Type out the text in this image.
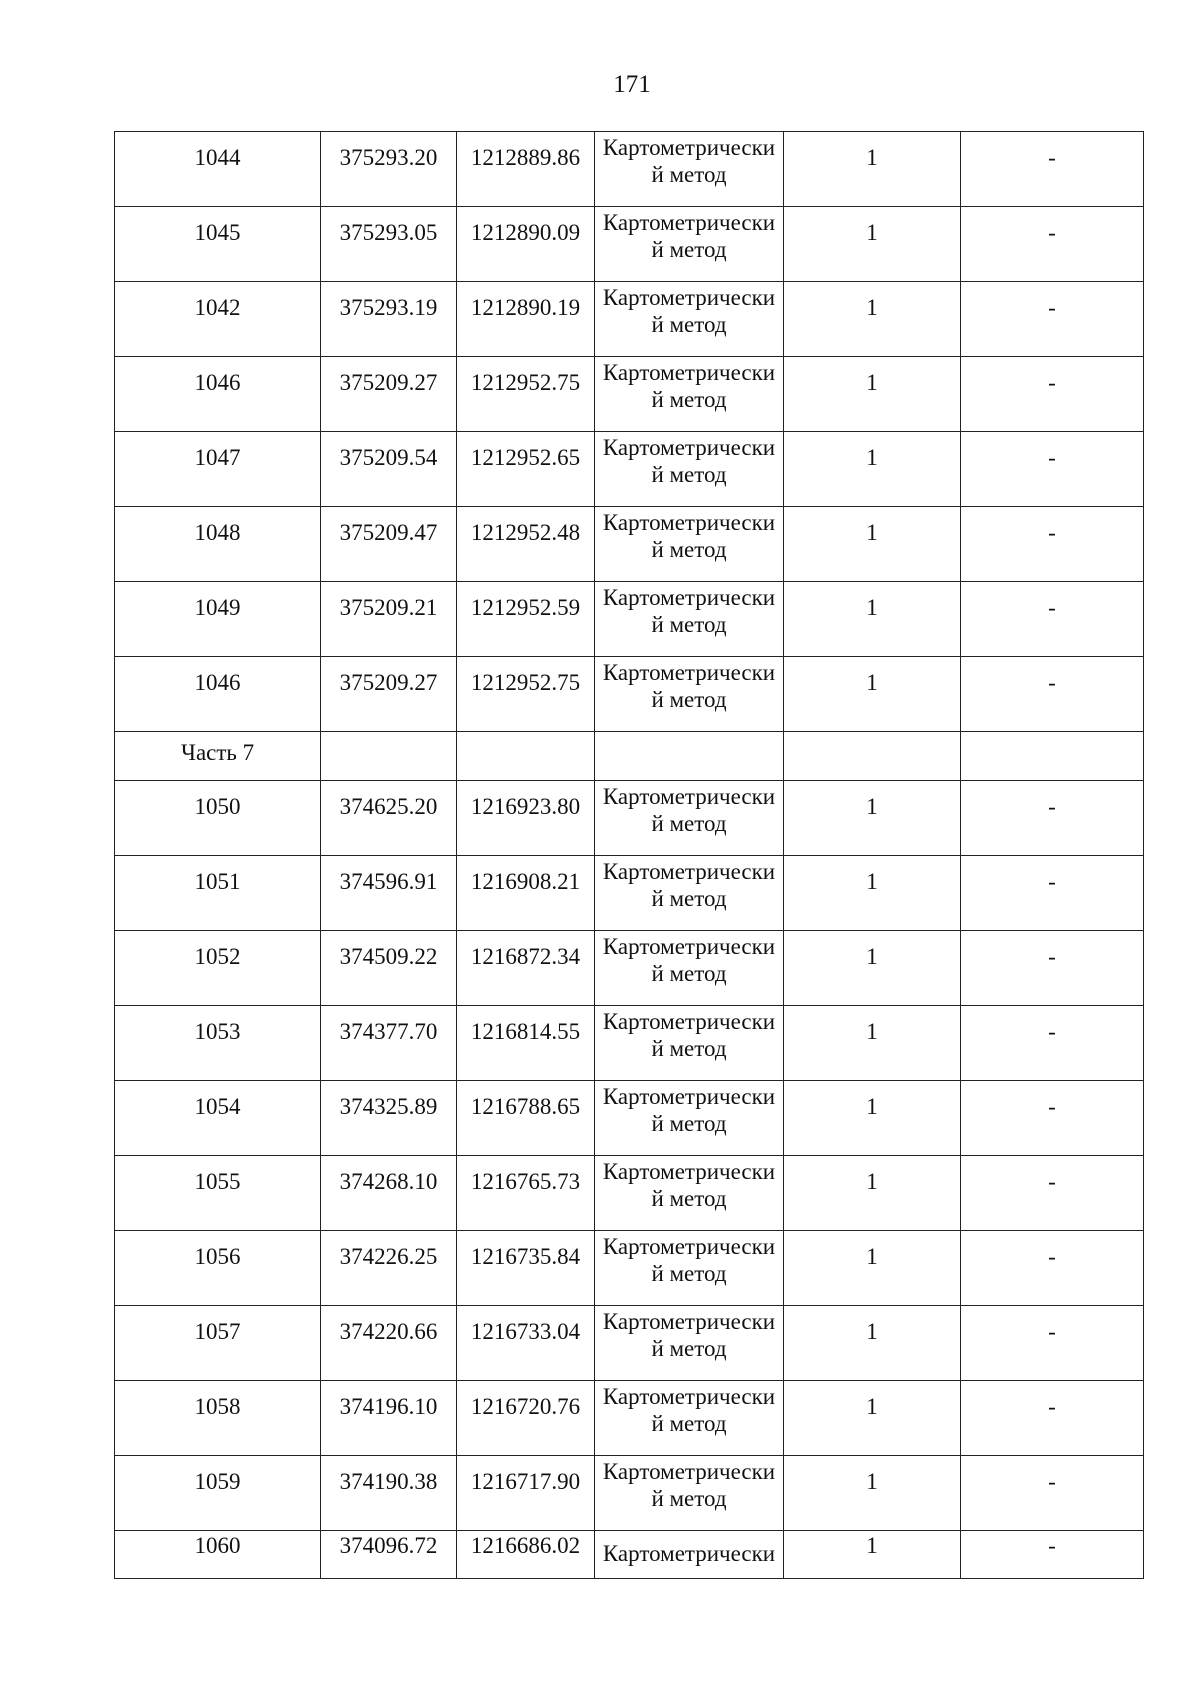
171
1044	375293.20	1212889.86	Картометрически й метод	1	-
1045	375293.05	1212890.09	Картометрически й метод	1	-
1042	375293.19	1212890.19	Картометрически й метод	1	-
1046	375209.27	1212952.75	Картометрически й метод	1	-
1047	375209.54	1212952.65	Картометрически й метод	1	-
1048	375209.47	1212952.48	Картометрически й метод	1	-
1049	375209.21	1212952.59	Картометрически й метод	1	-
1046	375209.27	1212952.75	Картометрически й метод	1	-
Часть 7					
1050	374625.20	1216923.80	Картометрически й метод	1	-
1051	374596.91	1216908.21	Картометрически й метод	1	-
1052	374509.22	1216872.34	Картометрически й метод	1	-
1053	374377.70	1216814.55	Картометрически й метод	1	-
1054	374325.89	1216788.65	Картометрически й метод	1	-
1055	374268.10	1216765.73	Картометрически й метод	1	-
1056	374226.25	1216735.84	Картометрически й метод	1	-
1057	374220.66	1216733.04	Картометрически й метод	1	-
1058	374196.10	1216720.76	Картометрически й метод	1	-
1059	374190.38	1216717.90	Картометрически й метод	1	-
1060	374096.72	1216686.02	Картометрически	1	-
